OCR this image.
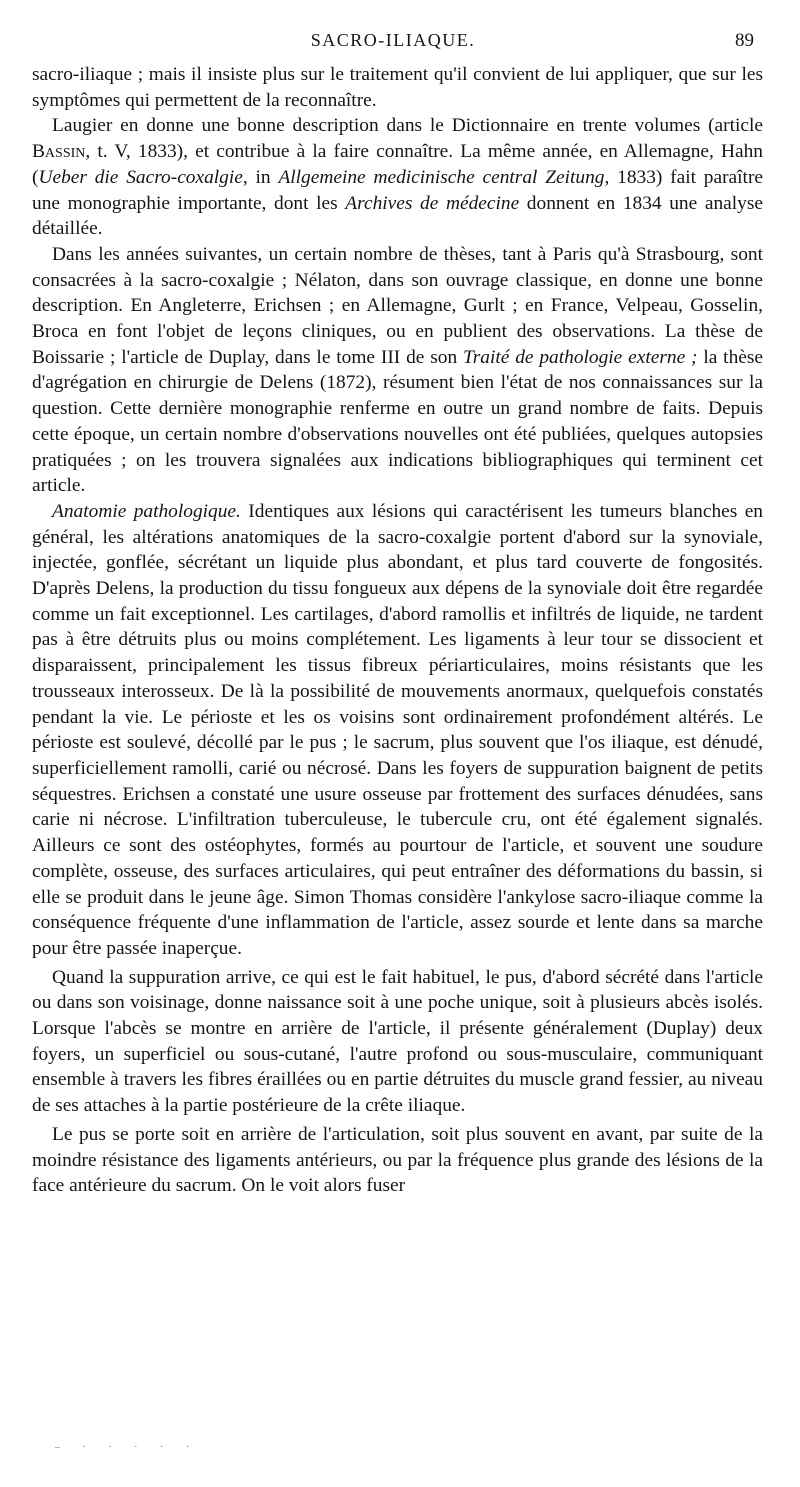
SACRO-ILIAQUE.	89

sacro-iliaque ; mais il insiste plus sur le traitement qu'il convient de lui appliquer, que sur les symptômes qui permettent de la reconnaître.

Laugier en donne une bonne description dans le Dictionnaire en trente volumes (article Bassin, t. V, 1833), et contribue à la faire connaître. La même année, en Allemagne, Hahn (Ueber die Sacro-coxalgie, in Allgemeine medicinische central Zeitung, 1833) fait paraître une monographie importante, dont les Archives de médecine donnent en 1834 une analyse détaillée.

Dans les années suivantes, un certain nombre de thèses, tant à Paris qu'à Strasbourg, sont consacrées à la sacro-coxalgie ; Nélaton, dans son ouvrage classique, en donne une bonne description. En Angleterre, Erichsen ; en Allemagne, Gurlt ; en France, Velpeau, Gosselin, Broca en font l'objet de leçons cliniques, ou en publient des observations. La thèse de Boissarie ; l'article de Duplay, dans le tome III de son Traité de pathologie externe ; la thèse d'agrégation en chirurgie de Delens (1872), résument bien l'état de nos connaissances sur la question. Cette dernière monographie renferme en outre un grand nombre de faits. Depuis cette époque, un certain nombre d'observations nouvelles ont été publiées, quelques autopsies pratiquées ; on les trouvera signalées aux indications bibliographiques qui terminent cet article.

Anatomie pathologique. Identiques aux lésions qui caractérisent les tumeurs blanches en général, les altérations anatomiques de la sacro-coxalgie portent d'abord sur la synoviale, injectée, gonflée, sécrétant un liquide plus abondant, et plus tard couverte de fongosités. D'après Delens, la production du tissu fongueux aux dépens de la synoviale doit être regardée comme un fait exceptionnel. Les cartilages, d'abord ramollis et infiltrés de liquide, ne tardent pas à être détruits plus ou moins complétement. Les ligaments à leur tour se dissocient et disparaissent, principalement les tissus fibreux périarticulaires, moins résistants que les trousseaux interosseux. De là la possibilité de mouvements anormaux, quelquefois constatés pendant la vie. Le périoste et les os voisins sont ordinairement profondément altérés. Le périoste est soulevé, décollé par le pus ; le sacrum, plus souvent que l'os iliaque, est dénudé, superficiellement ramolli, carié ou nécrosé. Dans les foyers de suppuration baignent de petits séquestres. Erichsen a constaté une usure osseuse par frottement des surfaces dénudées, sans carie ni nécrose. L'infiltration tuberculeuse, le tubercule cru, ont été également signalés. Ailleurs ce sont des ostéophytes, formés au pourtour de l'article, et souvent une soudure complète, osseuse, des surfaces articulaires, qui peut entraîner des déformations du bassin, si elle se produit dans le jeune âge. Simon Thomas considère l'ankylose sacro-iliaque comme la conséquence fréquente d'une inflammation de l'article, assez sourde et lente dans sa marche pour être passée inaperçue.

Quand la suppuration arrive, ce qui est le fait habituel, le pus, d'abord sécrété dans l'article ou dans son voisinage, donne naissance soit à une poche unique, soit à plusieurs abcès isolés. Lorsque l'abcès se montre en arrière de l'article, il présente généralement (Duplay) deux foyers, un superficiel ou sous-cutané, l'autre profond ou sous-musculaire, communiquant ensemble à travers les fibres éraillées ou en partie détruites du muscle grand fessier, au niveau de ses attaches à la partie postérieure de la crête iliaque.

Le pus se porte soit en arrière de l'articulation, soit plus souvent en avant, par suite de la moindre résistance des ligaments antérieurs, ou par la fréquence plus grande des lésions de la face antérieure du sacrum. On le voit alors fuser

– · · · · ·
